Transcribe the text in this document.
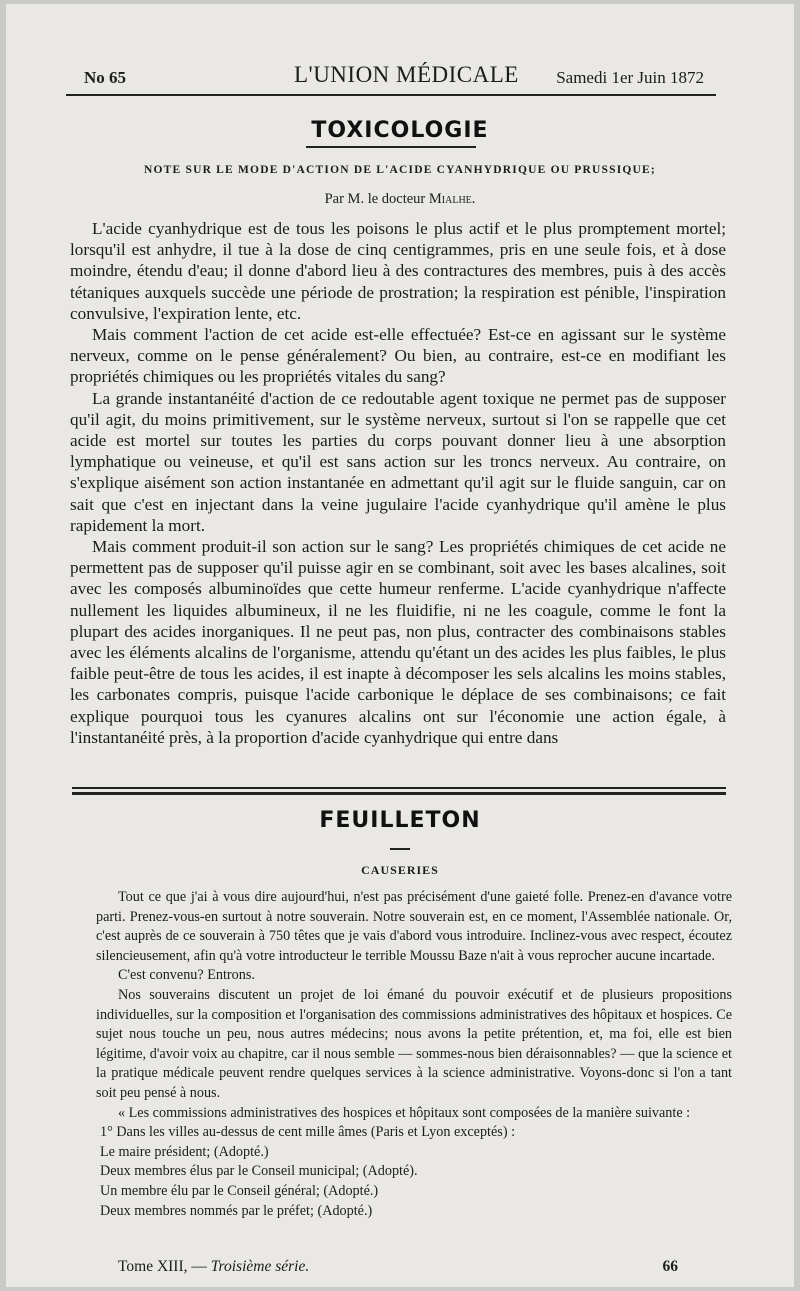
No 65	L'UNION MÉDICALE Samedi 1er Juin 1872
TOXICOLOGIE
NOTE SUR LE MODE D'ACTION DE L'ACIDE CYANHYDRIQUE OU PRUSSIQUE;
Par M. le docteur Mialhe.

L'acide cyanhydrique est de tous les poisons le plus actif et le plus promptement mortel; lorsqu'il est anhydre, il tue à la dose de cinq centigrammes, pris en une seule fois, et à dose moindre, étendu d'eau; il donne d'abord lieu à des contractures des membres, puis à des accès tétaniques auxquels succède une période de prostration; la respiration est pénible, l'inspiration convulsive, l'expiration lente, etc.

Mais comment l'action de cet acide est-elle effectuée? Est-ce en agissant sur le système nerveux, comme on le pense généralement? Ou bien, au contraire, est-ce en modifiant les propriétés chimiques ou les propriétés vitales du sang?

La grande instantanéité d'action de ce redoutable agent toxique ne permet pas de supposer qu'il agit, du moins primitivement, sur le système nerveux, surtout si l'on se rappelle que cet acide est mortel sur toutes les parties du corps pouvant donner lieu à une absorption lymphatique ou veineuse, et qu'il est sans action sur les troncs nerveux. Au contraire, on s'explique aisément son action instantanée en admettant qu'il agit sur le fluide sanguin, car on sait que c'est en injectant dans la veine jugulaire l'acide cyanhydrique qu'il amène le plus rapidement la mort.

Mais comment produit-il son action sur le sang? Les propriétés chimiques de cet acide ne permettent pas de supposer qu'il puisse agir en se combinant, soit avec les bases alcalines, soit avec les composés albuminoïdes que cette humeur renferme. L'acide cyanhydrique n'affecte nullement les liquides albumineux, il ne les fluidifie, ni ne les coagule, comme le font la plupart des acides inorganiques. Il ne peut pas, non plus, contracter des combinaisons stables avec les éléments alcalins de l'organisme, attendu qu'étant un des acides les plus faibles, le plus faible peut-être de tous les acides, il est inapte à décomposer les sels alcalins les moins stables, les carbonates compris, puisque l'acide carbonique le déplace de ses combinaisons; ce fait explique pourquoi tous les cyanures alcalins ont sur l'économie une action égale, à l'instantanéité près, à la proportion d'acide cyanhydrique qui entre dans

FEUILLETON
CAUSERIES

Tout ce que j'ai à vous dire aujourd'hui, n'est pas précisément d'une gaieté folle. Prenez-en d'avance votre parti. Prenez-vous-en surtout à notre souverain. Notre souverain est, en ce moment, l'Assemblée nationale. Or, c'est auprès de ce souverain à 750 têtes que je vais d'abord vous introduire. Inclinez-vous avec respect, écoutez silencieusement, afin qu'à votre introducteur le terrible Moussu Baze n'ait à vous reprocher aucune incartade.

C'est convenu? Entrons.

Nos souverains discutent un projet de loi émané du pouvoir exécutif et de plusieurs propositions individuelles, sur la composition et l'organisation des commissions administratives des hôpitaux et hospices. Ce sujet nous touche un peu, nous autres médecins; nous avons la petite prétention, et, ma foi, elle est bien légitime, d'avoir voix au chapitre, car il nous semble — sommes-nous bien déraisonnables? — que la science et la pratique médicale peuvent rendre quelques services à la science administrative. Voyons-donc si l'on a tant soit peu pensé à nous.

« Les commissions administratives des hospices et hôpitaux sont composées de la manière suivante :

1° Dans les villes au-dessus de cent mille âmes (Paris et Lyon exceptés) :

Le maire président; (Adopté.)

Deux membres élus par le Conseil municipal; (Adopté).

Un membre élu par le Conseil général; (Adopté.)

Deux membres nommés par le préfet; (Adopté.)

Tome XIII, — Troisième série.	66
